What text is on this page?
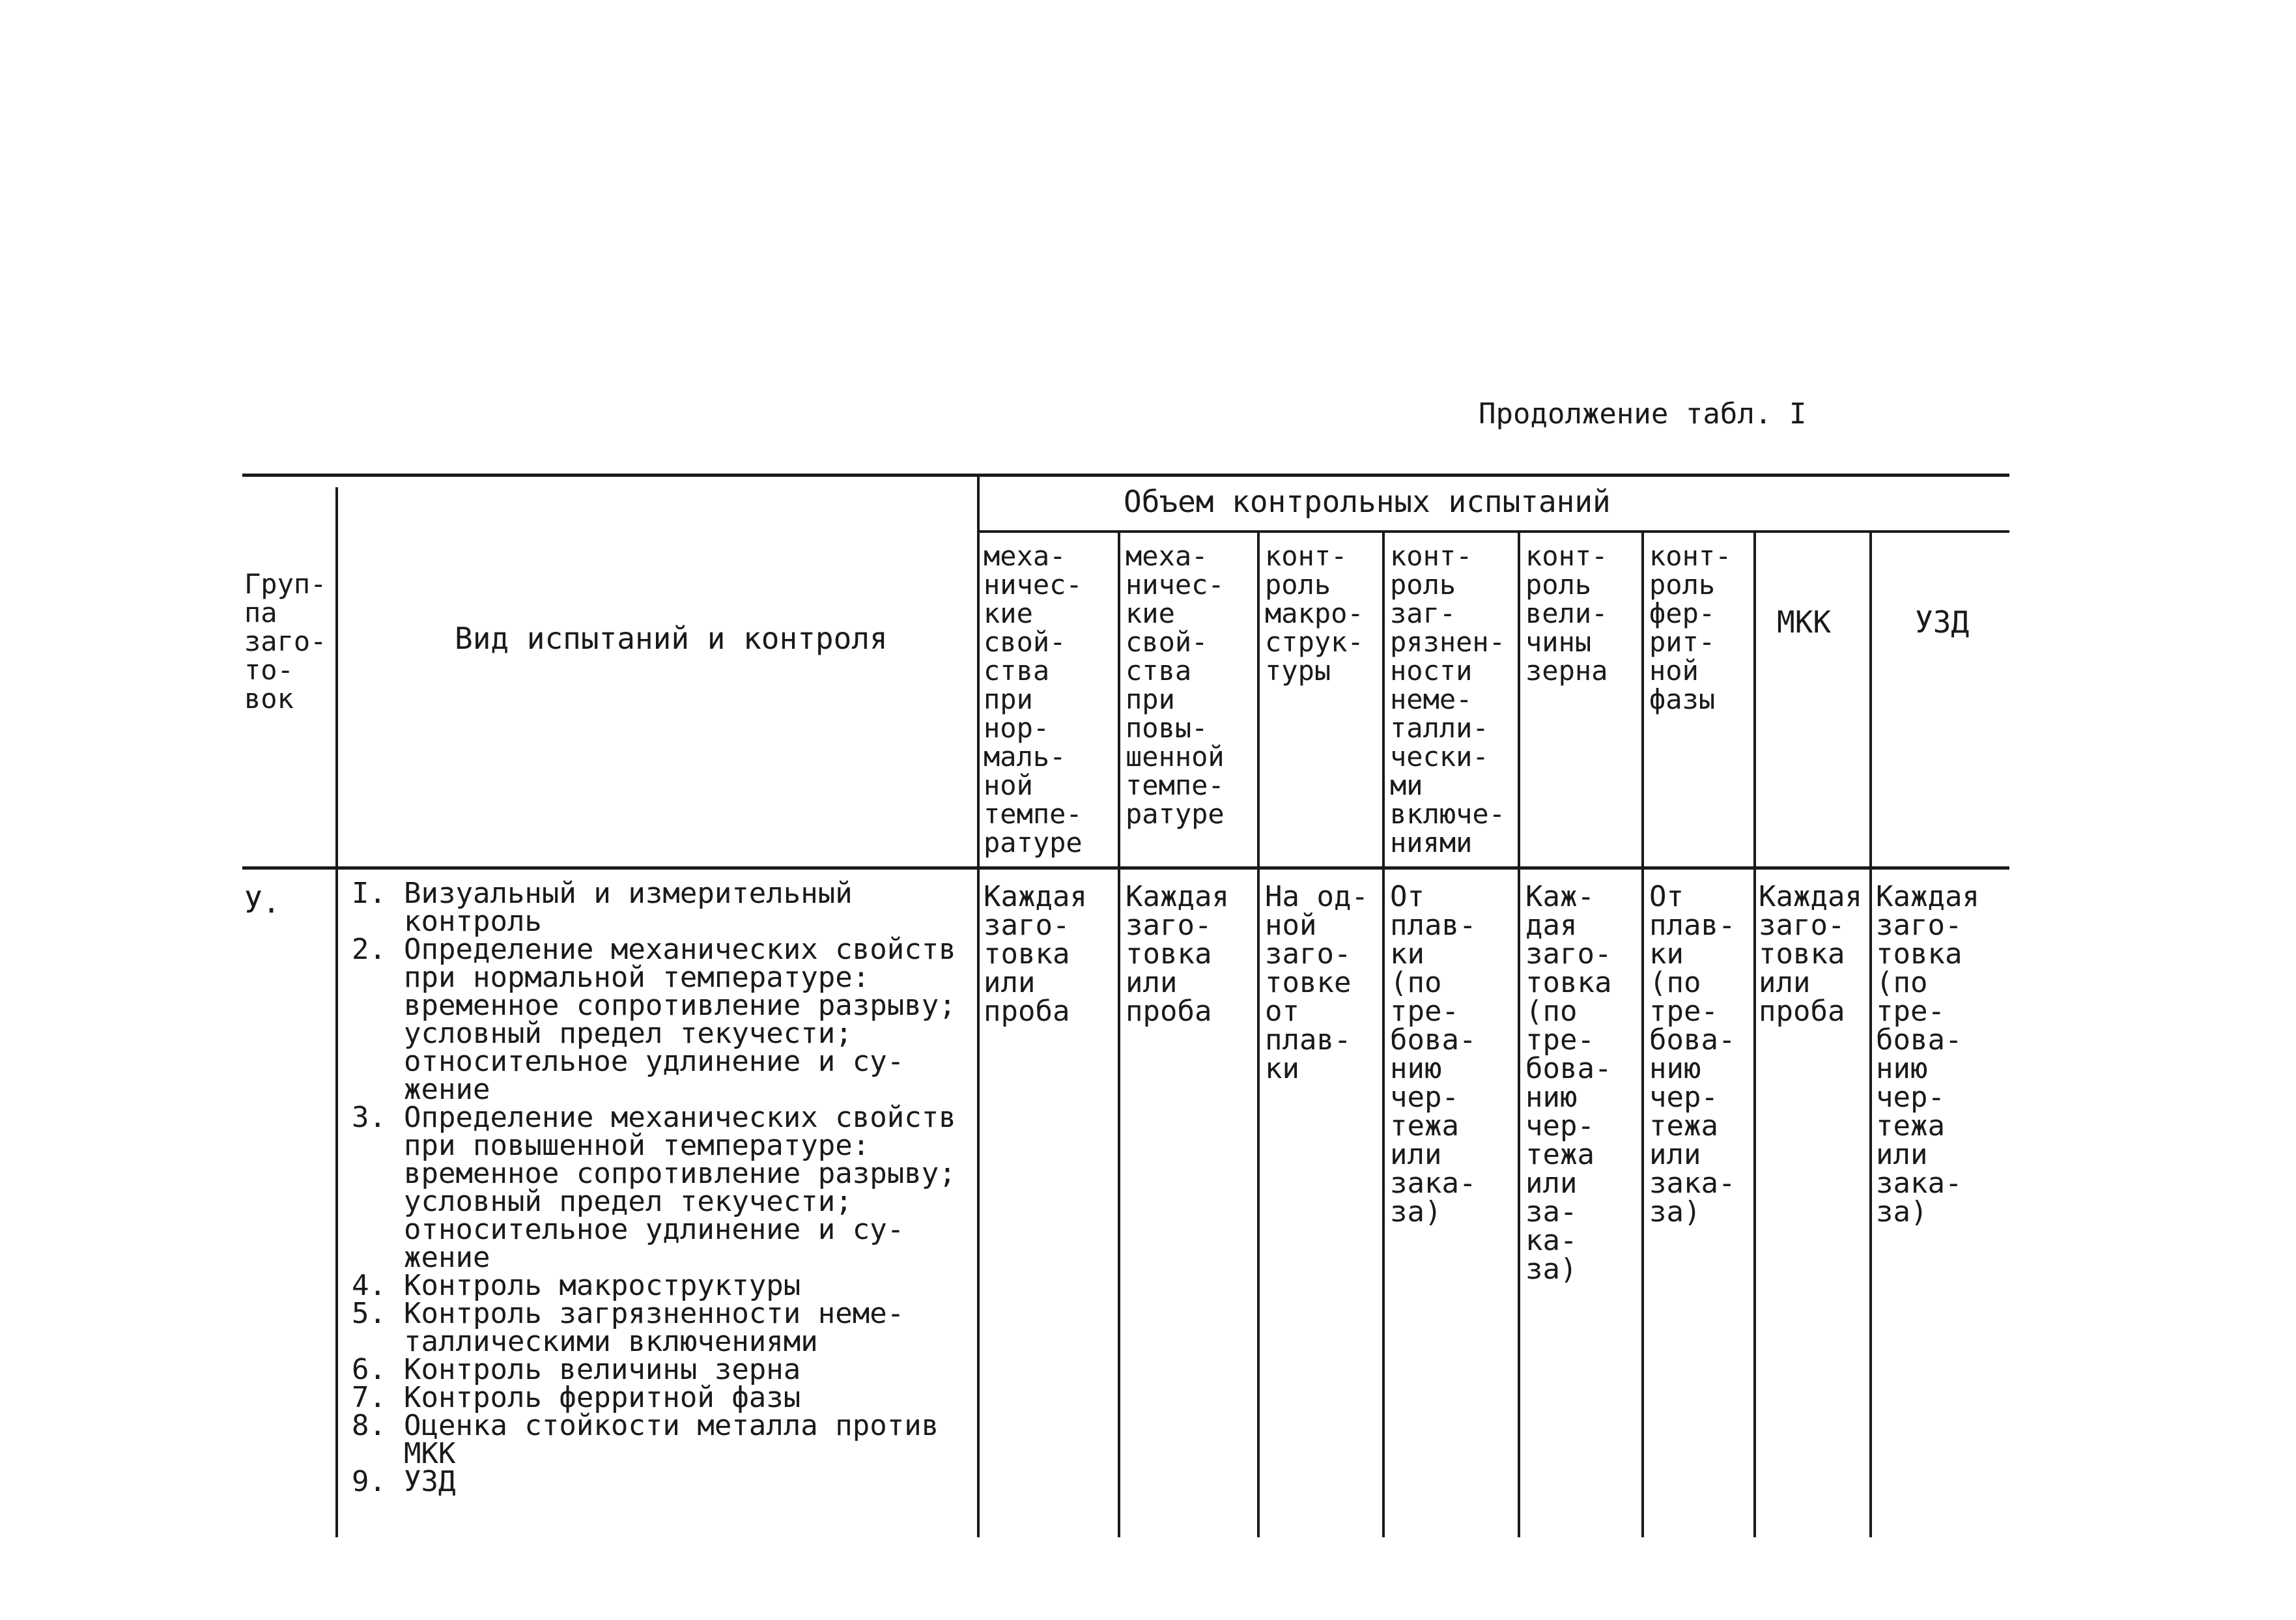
Продолжение табл. I
Груп-
па
заго-
то-
вок
Вид испытаний и контроля
Объем контрольных испытаний
меха-
ничес-
кие
свой-
ства
при
нор-
маль-
ной
темпе-
ратуре
меха-
ничес-
кие
свой-
ства
при
повы-
шенной
темпе-
ратуре
конт-
роль
макро-
струк-
туры
конт-
роль
заг-
рязнен-
ности
неме-
талли-
чески-
ми
включе-
ниями
конт-
роль
вели-
чины
зерна
конт-
роль
фер-
рит-
ной
фазы
МКК	УЗД
У. I. Визуальный и измерительный
контроль
2. Определение механических свойств
при нормальной температуре:
временное сопротивление разрыву;
условный предел текучести;
относительное удлинение и су-
жение
3. Определение механических свойств
при повышенной температуре:
временное сопротивление разрыву;
условный предел текучести;
относительное удлинение и су-
жение
4. Контроль макроструктуры
5. Контроль загрязненности неме-
таллическими включениями
6. Контроль величины зерна
7. Контроль ферритной фазы
8. Оценка стойкости металла против
МКК
9. УЗД
Каждая
заго-
товка
или
проба
Каждая
заго-
товка
или
проба
На од-
ной
заго-
товке
от
плав-
ки
От
плав-
ки
(по
тре-
бова-
нию
чер-
тежа
или
зака-
за)
Каж-
дая
заго-
товка
(по
тре-
бова-
нию
чер-
тежа
или
за-
ка-
за)
От
плав-
ки
(по
тре-
бова-
нию
чер-
тежа
или
зака-
за)
Каждая
заго-
товка
или
проба
Каждая
заго-
товка
(по
тре-
бова-
нию
чер-
тежа
или
зака-
за)
